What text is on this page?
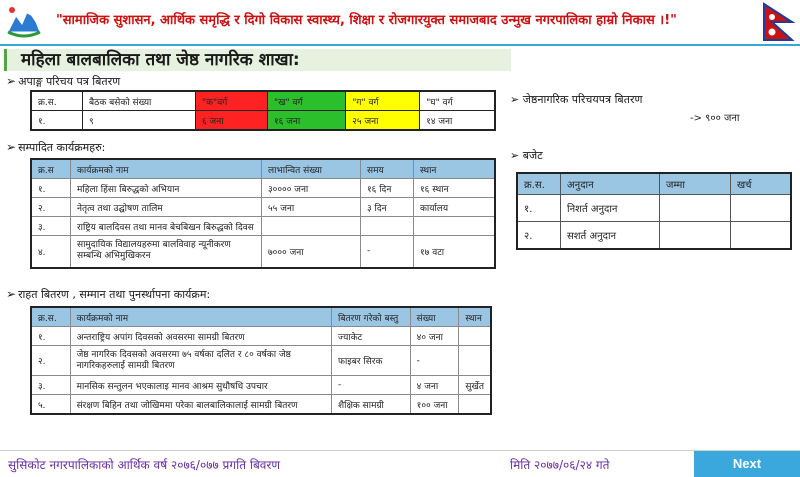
"सामाजिक सुशासन, आर्थिक समृद्धि र दिगो विकास स्वास्थ्य, शिक्षा र रोजगारयुक्त समाजबाद उन्मुख नगरपालिका हाम्रो निकास ।!"
महिला बालबालिका तथा जेष्ठ नागरिक शाखा:
➢ अपाङ्ग परिचय पत्र बितरण
क्र.स.	बैठक बसेको संख्या	"क"वर्ग	"ख" वर्ग	"ग" वर्ग	"घ" वर्ग
१.	९	६ जना	१६ जना	२५ जना	१४ जना
➢ सम्पादित कार्यक्रमहरु:
क्र.स	कार्यक्रमको नाम	लाभान्वित संख्या	समय	स्थान
१.	महिला हिंसा बिरुद्धको अभियान	३०००० जना	१६ दिन	१६ स्थान
२.	नेतृत्व तथा उद्घोषण तालिम	५५ जना	३ दिन	कार्यालय
३.	राष्ट्रिय बालदिवस तथा मानव बेचबिखन बिरुद्धको दिवस			
४.	सामुदायिक विद्यालयहरुमा बालविवाह न्यूनीकरण सम्बन्धि अभिमुखिकरन	७००० जना	-	१७ वटा
➢ राहत बितरण , सम्मान तथा पुनर्स्थापना कार्यक्रम:
क्र.स.	कार्यक्रमको नाम	बितरण गरेको बस्तु	संख्या	स्थान
१.	अन्तराष्ट्रिय अपांग दिवसको अवसरमा सामग्री बितरण	ज्याकेट	४० जना	
२.	जेष्ठ नागरिक दिवसको अवसरमा ७५ वर्षका दलित र ८० वर्षका जेष्ठ नागरिकहरुलाई सामग्री बितरण	फाइबर सिरक	-	
३.	मानसिक सन्तुलन भएकालाइ मानव आश्रम सुधौषधि उपचार	-	४ जना	सुर्खेत
५.	संरक्षण बिहिन तथा जोखिममा परेका बालबालिकालाई सामग्री बितरण	शैक्षिक सामग्री	१०० जना	
➢ जेष्ठनागरिक परिचयपत्र बितरण
-> ९०० जना
➢ बजेट
क्र.स.	अनुदान	जम्मा	खर्च
१.	निशर्त अनुदान		
२.	सशर्त अनुदान		
सुसिकोट नगरपालिकाको आर्थिक वर्ष २०७६/०७७ प्रगति बिवरण	मिति २०७७/०६/२४ गते	Next
